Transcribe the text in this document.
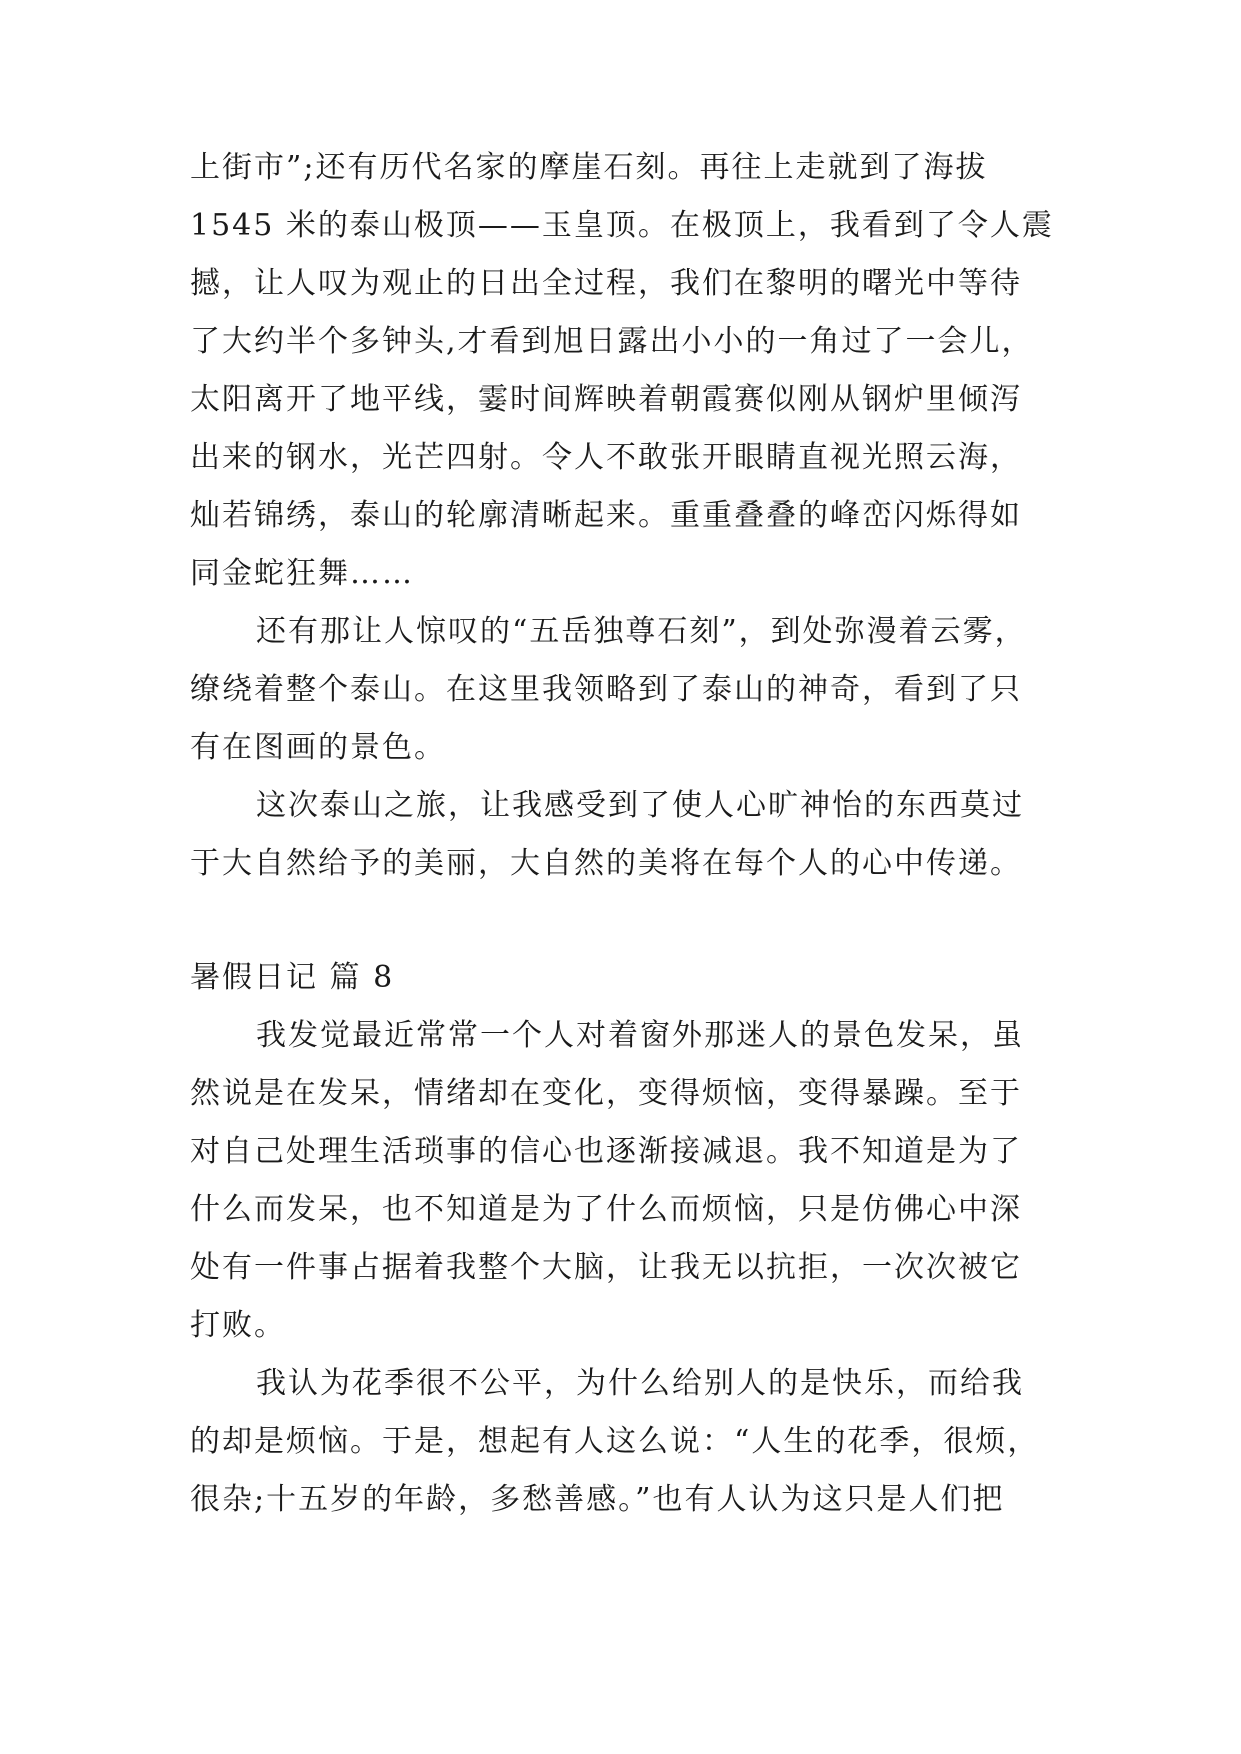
上街市”;还有历代名家的摩崖石刻。再往上走就到了海拔
1545 米的泰山极顶——玉皇顶。在极顶上，我看到了令人震
撼，让人叹为观止的日出全过程，我们在黎明的曙光中等待
了大约半个多钟头,才看到旭日露出小小的一角过了一会儿，
太阳离开了地平线，霎时间辉映着朝霞赛似刚从钢炉里倾泻
出来的钢水，光芒四射。令人不敢张开眼睛直视光照云海，
灿若锦绣，泰山的轮廓清晰起来。重重叠叠的峰峦闪烁得如
同金蛇狂舞……
还有那让人惊叹的“五岳独尊石刻”，到处弥漫着云雾，
缭绕着整个泰山。在这里我领略到了泰山的神奇，看到了只
有在图画的景色。
这次泰山之旅，让我感受到了使人心旷神怡的东西莫过
于大自然给予的美丽，大自然的美将在每个人的心中传递。
暑假日记 篇 8
我发觉最近常常一个人对着窗外那迷人的景色发呆，虽
然说是在发呆，情绪却在变化，变得烦恼，变得暴躁。至于
对自己处理生活琐事的信心也逐渐接减退。我不知道是为了
什么而发呆，也不知道是为了什么而烦恼，只是仿佛心中深
处有一件事占据着我整个大脑，让我无以抗拒，一次次被它
打败。
我认为花季很不公平，为什么给别人的是快乐，而给我
的却是烦恼。于是，想起有人这么说：“人生的花季，很烦，
很杂;十五岁的年龄，多愁善感。”也有人认为这只是人们把
